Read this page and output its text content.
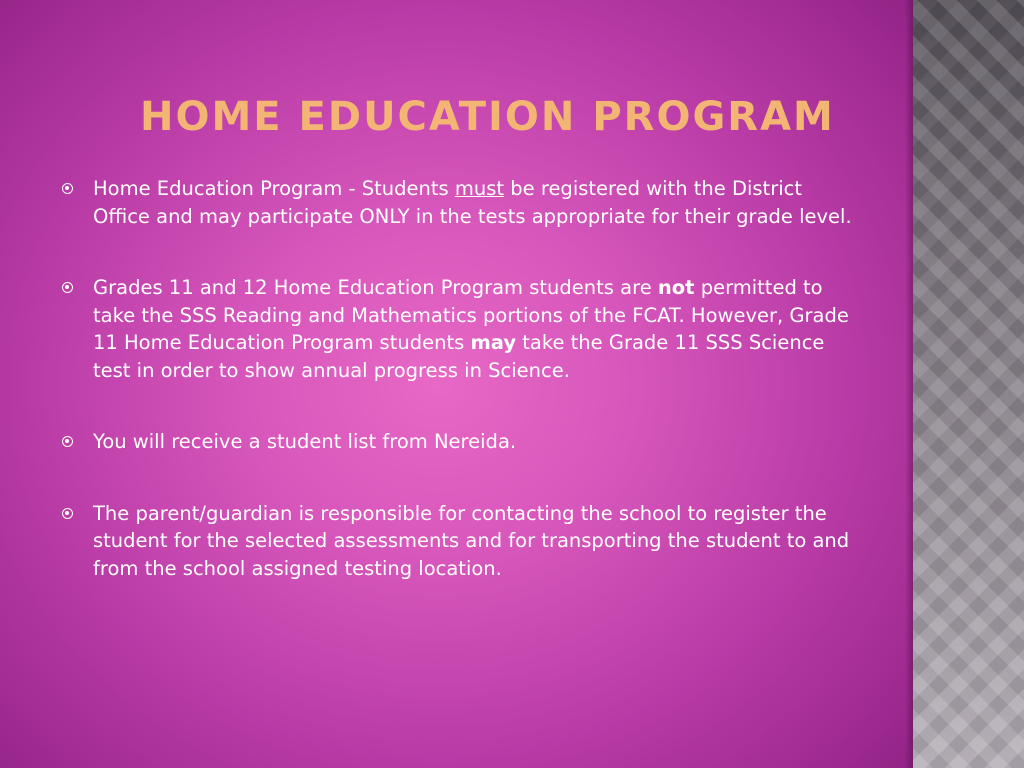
HOME EDUCATION PROGRAM
Home Education Program - Students must be registered with the District Office and may participate ONLY in the tests appropriate for their grade level.
Grades 11 and 12 Home Education Program students are not permitted to take the SSS Reading and Mathematics portions of the FCAT. However, Grade 11 Home Education Program students may take the Grade 11 SSS Science test in order to show annual progress in Science.
You will receive a student list from Nereida.
The parent/guardian is responsible for contacting the school to register the student for the selected assessments and for transporting the student to and from the school assigned testing location.
